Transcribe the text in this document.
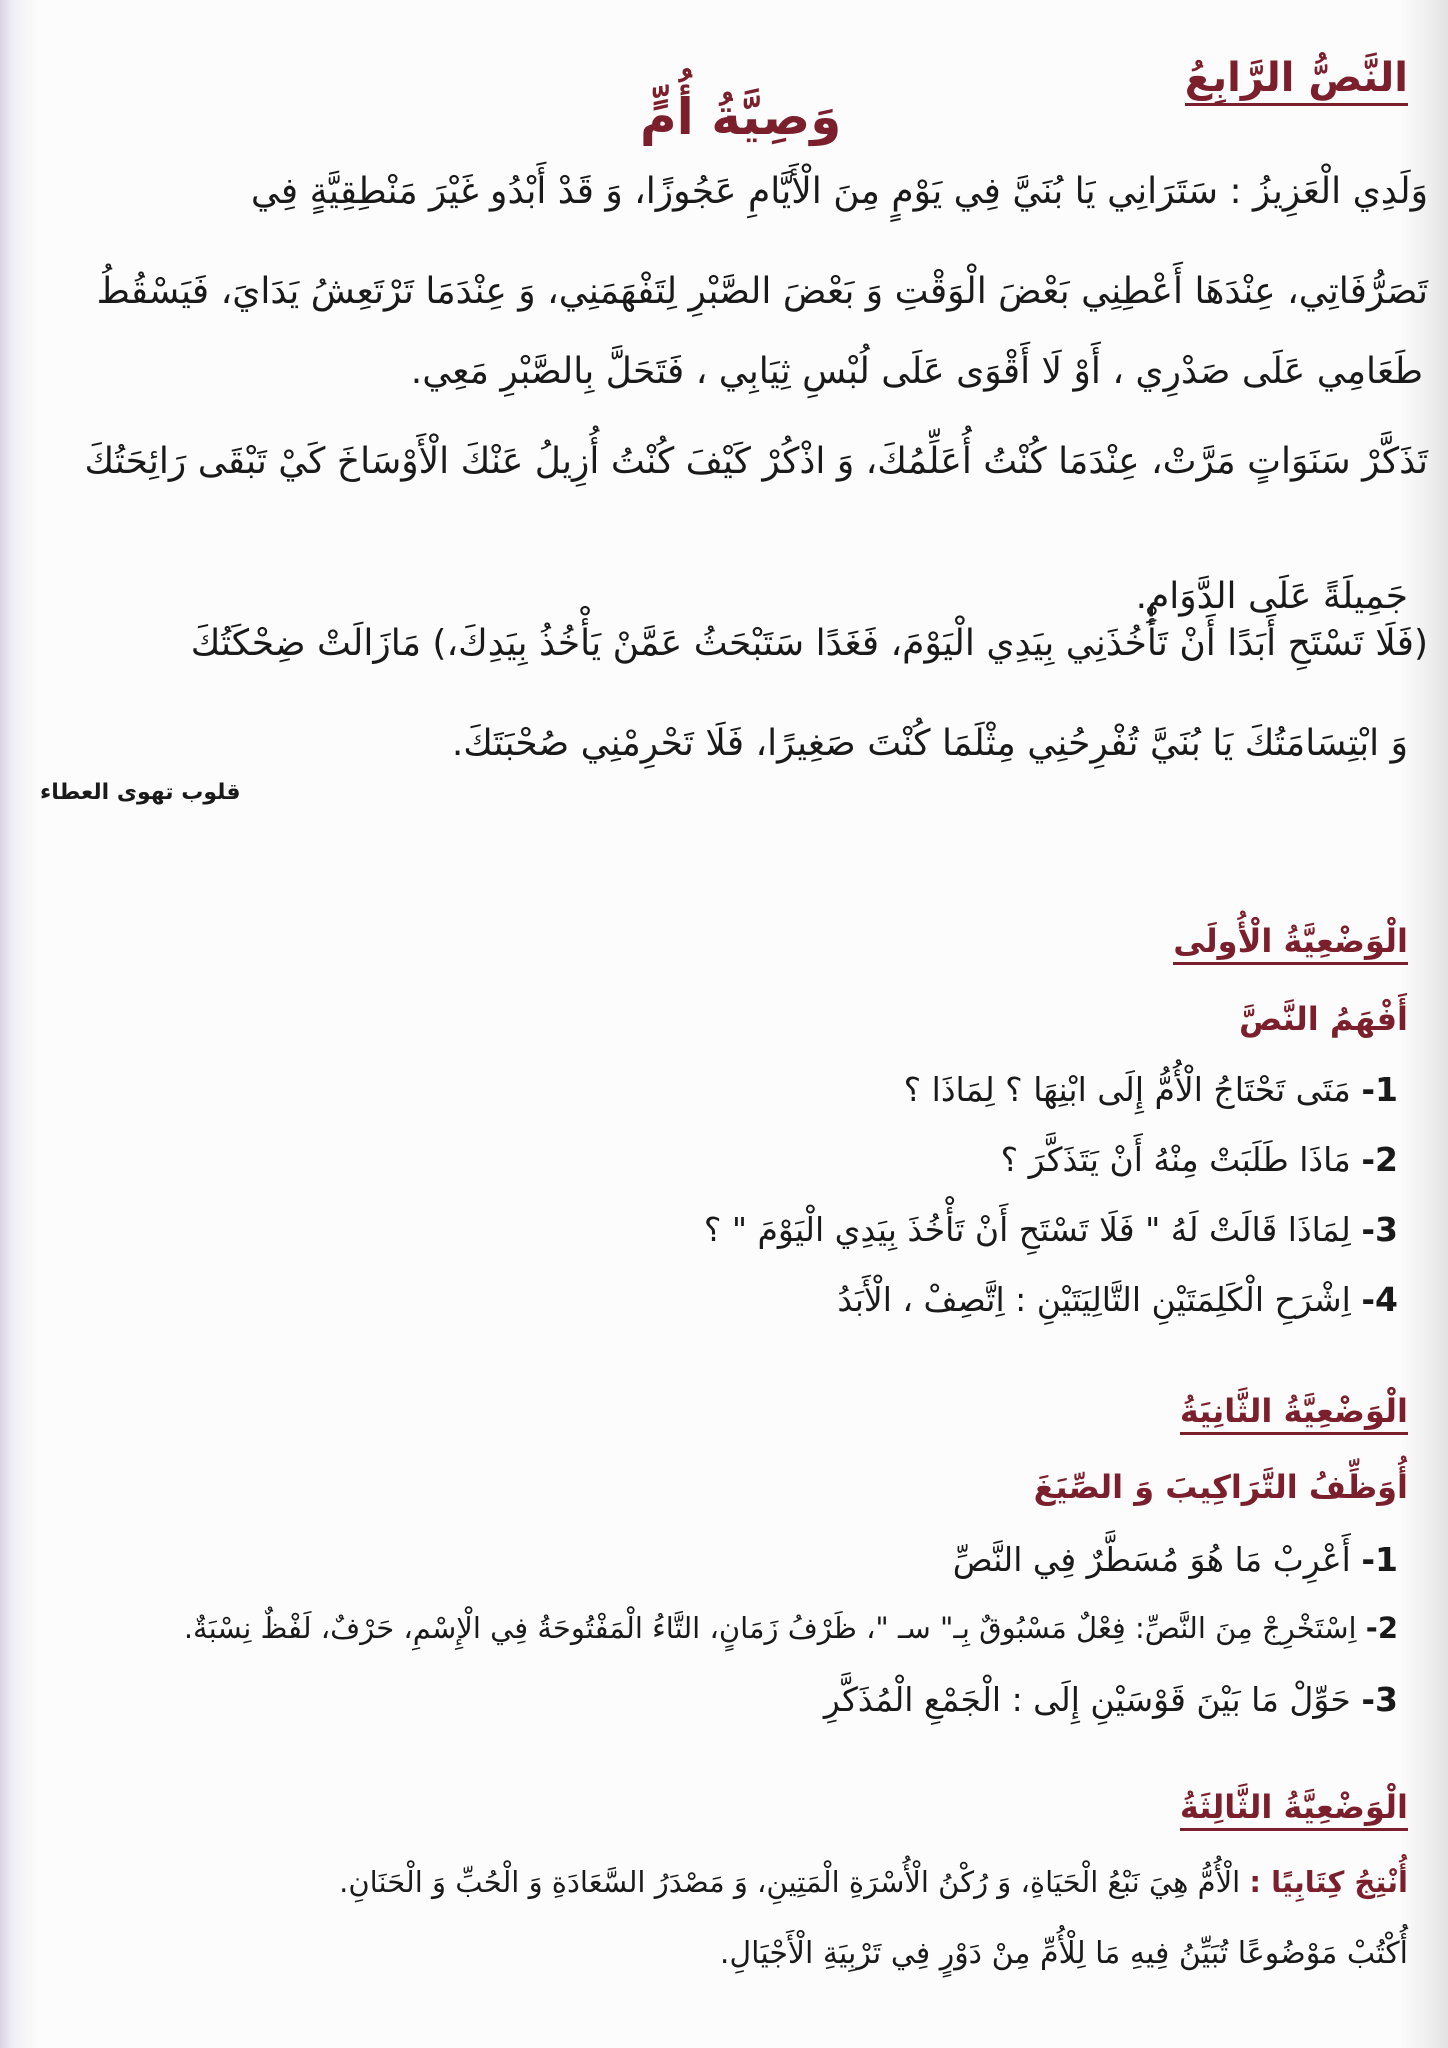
النَّصُّ الرَّابِعُ
وَصِيَّةُ أُمٍّ
وَلَدِي الْعَزِيزُ : سَتَرَانِي يَا بُنَيَّ فِي يَوْمٍ مِنَ الْأَيَّامِ عَجُوزًا، وَ قَدْ أَبْدُو غَيْرَ مَنْطِقِيَّةٍ فِي
تَصَرُّفَاتِي، عِنْدَهَا أَعْطِنِي بَعْضَ الْوَقْتِ وَ بَعْضَ الصَّبْرِ لِتَفْهَمَنِي، وَ عِنْدَمَا تَرْتَعِشُ يَدَايَ، فَيَسْقُطُ
طَعَامِي عَلَى صَدْرِي ، أَوْ لَا أَقْوَى عَلَى لُبْسِ ثِيَابِي ، فَتَحَلَّ بِالصَّبْرِ مَعِي.
تَذَكَّرْ سَنَوَاتٍ مَرَّتْ، عِنْدَمَا كُنْتُ أُعَلِّمُكَ، وَ اذْكُرْ كَيْفَ كُنْتُ أُزِيلُ عَنْكَ الْأَوْسَاخَ كَيْ تَبْقَى رَائِحَتُكَ
جَمِيلَةً عَلَى الدَّوَامِ.
(فَلَا تَسْتَحِ أَبَدًا أَنْ تَأْخُذَنِي بِيَدِي الْيَوْمَ، فَغَدًا سَتَبْحَثُ عَمَّنْ يَأْخُذُ بِيَدِكَ،) مَازَالَتْ ضِحْكَتُكَ
وَ ابْتِسَامَتُكَ يَا بُنَيَّ تُفْرِحُنِي مِثْلَمَا كُنْتَ صَغِيرًا، فَلَا تَحْرِمْنِي صُحْبَتَكَ.
قلوب تهوى العطاء
الْوَضْعِيَّةُ الْأُولَى
أَفْهَمُ النَّصَّ
1- مَتَى تَحْتَاجُ الْأُمُّ إِلَى ابْنِهَا ؟ لِمَاذَا ؟
2- مَاذَا طَلَبَتْ مِنْهُ أَنْ يَتَذَكَّرَ ؟
3- لِمَاذَا قَالَتْ لَهُ " فَلَا تَسْتَحِ أَنْ تَأْخُذَ بِيَدِي الْيَوْمَ " ؟
4- اِشْرَحِ الْكَلِمَتَيْنِ التَّالِيَتَيْنِ : اِتَّصِفْ ، الْأَبَدُ
الْوَضْعِيَّةُ الثَّانِيَةُ
أُوَظِّفُ التَّرَاكِيبَ وَ الصِّيَغَ
1- أَعْرِبْ مَا هُوَ مُسَطَّرٌ فِي النَّصِّ
2- اِسْتَخْرِجْ مِنَ النَّصِّ: فِعْلٌ مَسْبُوقٌ بِـ" سـ "، ظَرْفُ زَمَانٍ، التَّاءُ الْمَفْتُوحَةُ فِي الْإِسْمِ، حَرْفٌ، لَفْظٌ نِسْبَةٌ.
3- حَوِّلْ مَا بَيْنَ قَوْسَيْنِ إِلَى : الْجَمْعِ الْمُذَكَّرِ
الْوَضْعِيَّةُ الثَّالِثَةُ
أُنْتِجُ كِتَابِيًا : الْأُمُّ هِيَ نَبْعُ الْحَيَاةِ، وَ رُكْنُ الْأُسْرَةِ الْمَتِينِ، وَ مَصْدَرُ السَّعَادَةِ وَ الْحُبِّ وَ الْحَنَانِ.
أُكْتُبْ مَوْضُوعًا تُبَيِّنُ فِيهِ مَا لِلْأُمِّ مِنْ دَوْرٍ فِي تَرْبِيَةِ الْأَجْيَالِ.
